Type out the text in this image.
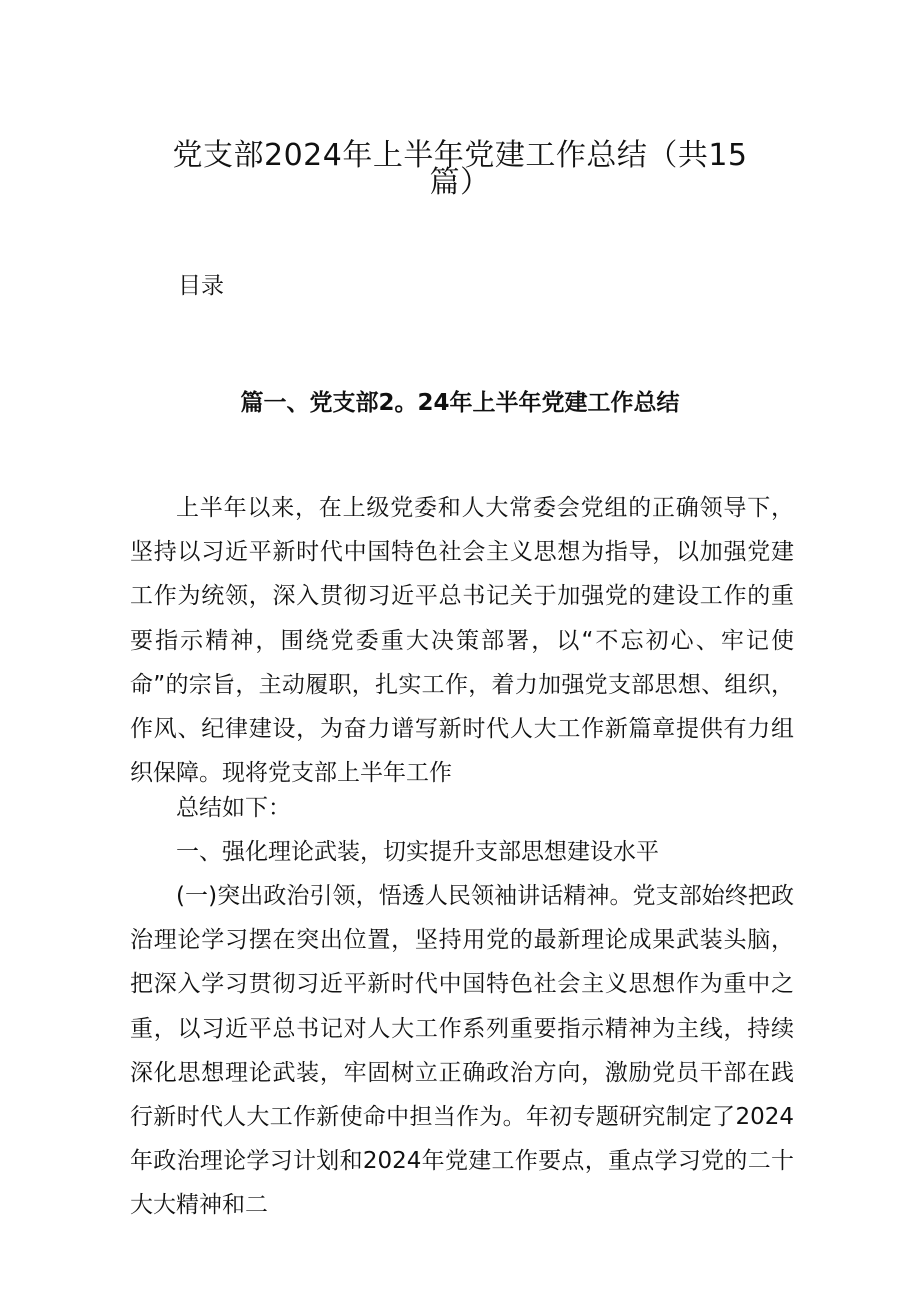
党支部2024年上半年党建工作总结（共15
篇）

目录

篇一、党支部2。24年上半年党建工作总结

上半年以来，在上级党委和人大常委会党组的正确领导下，坚持以习近平新时代中国特色社会主义思想为指导，以加强党建工作为统领，深入贯彻习近平总书记关于加强党的建设工作的重要指示精神，围绕党委重大决策部署，以“不忘初心、牢记使命”的宗旨，主动履职，扎实工作，着力加强党支部思想、组织，作风、纪律建设，为奋力谱写新时代人大工作新篇章提供有力组织保障。现将党支部上半年工作

总结如下：

一、强化理论武装，切实提升支部思想建设水平

(一)突出政治引领，悟透人民领袖讲话精神。党支部始终把政治理论学习摆在突出位置，坚持用党的最新理论成果武装头脑，把深入学习贯彻习近平新时代中国特色社会主义思想作为重中之重，以习近平总书记对人大工作系列重要指示精神为主线，持续深化思想理论武装，牢固树立正确政治方向，激励党员干部在践行新时代人大工作新使命中担当作为。年初专题研究制定了2024年政治理论学习计划和2024年党建工作要点，重点学习党的二十大大精神和二
